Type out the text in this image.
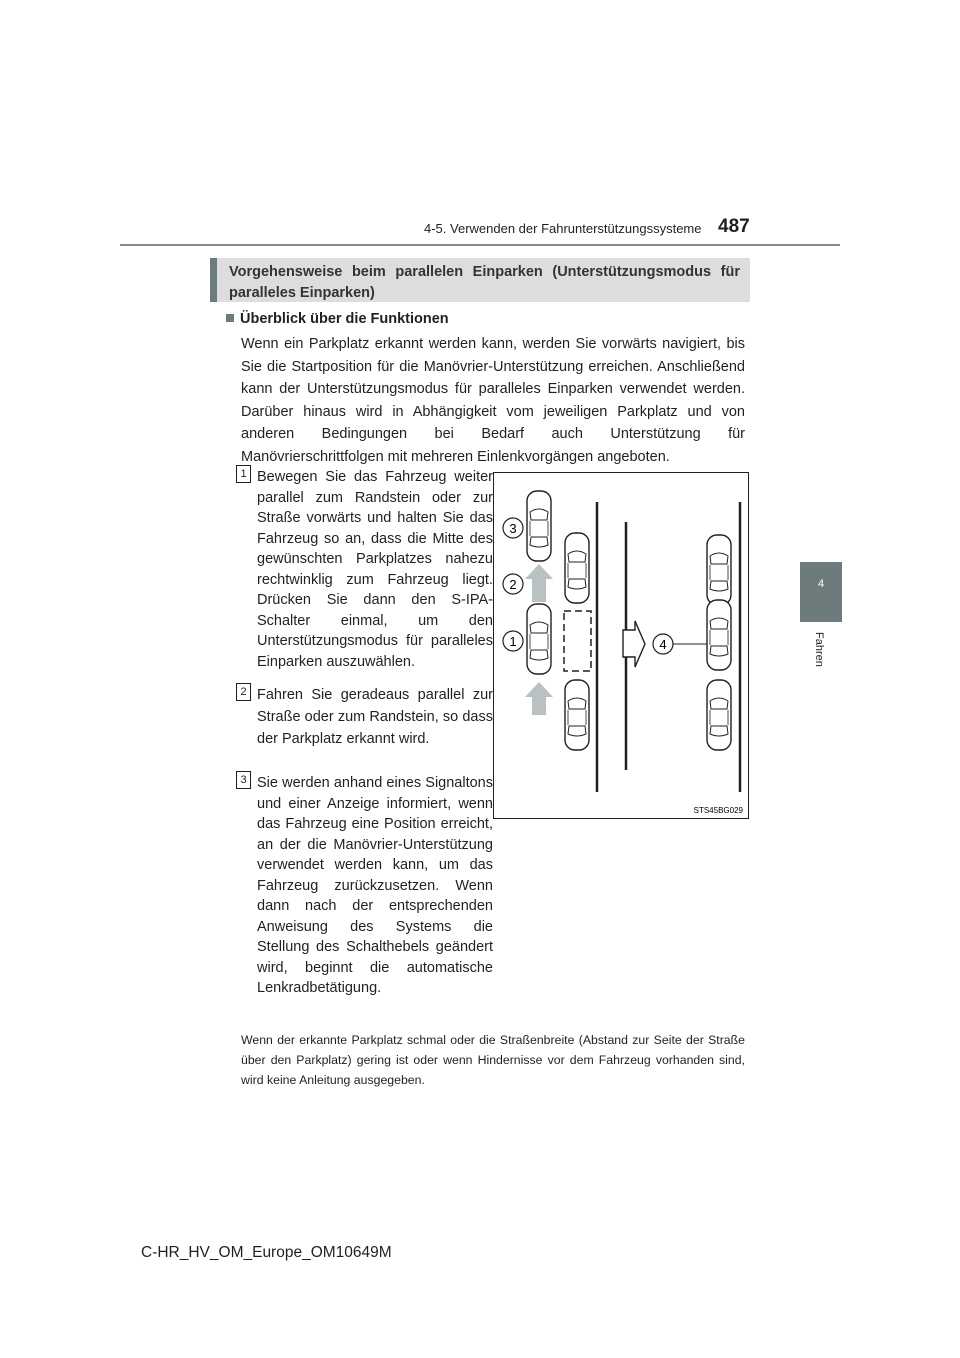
4-5. Verwenden der Fahrunterstützungssysteme 487
4
Fahren
Vorgehensweise beim parallelen Einparken (Unterstützungsmodus für paralleles Einparken)
Überblick über die Funktionen

Wenn ein Parkplatz erkannt werden kann, werden Sie vorwärts navigiert, bis Sie die Startposition für die Manövrier-Unterstützung erreichen. Anschließend kann der Unterstützungsmodus für paralleles Einparken verwendet werden. Darüber hinaus wird in Abhängigkeit vom jeweiligen Parkplatz und von anderen Bedingungen bei Bedarf auch Unterstützung für Manövrierschrittfolgen mit mehreren Einlenkvorgängen angeboten.

1 Bewegen Sie das Fahrzeug weiter parallel zum Randstein oder zur Straße vorwärts und halten Sie das Fahrzeug so an, dass die Mitte des gewünschten Parkplatzes nahezu rechtwinklig zum Fahrzeug liegt. Drücken Sie dann den S-IPA-Schalter einmal, um den Unterstützungsmodus für paralleles Einparken auszuwählen.

2 Fahren Sie geradeaus parallel zur Straße oder zum Randstein, so dass der Parkplatz erkannt wird.

3 Sie werden anhand eines Signaltons und einer Anzeige informiert, wenn das Fahrzeug eine Position erreicht, an der die Manövrier-Unterstützung verwendet werden kann, um das Fahrzeug zurückzusetzen. Wenn dann nach der entsprechenden Anweisung des Systems die Stellung des Schalthebels geändert wird, beginnt die automatische Lenkradbetätigung.

3
2
1	4
STS45BG029

Wenn der erkannte Parkplatz schmal oder die Straßenbreite (Abstand zur Seite der Straße über den Parkplatz) gering ist oder wenn Hindernisse vor dem Fahrzeug vorhanden sind, wird keine Anleitung ausgegeben.

C-HR_HV_OM_Europe_OM10649M
